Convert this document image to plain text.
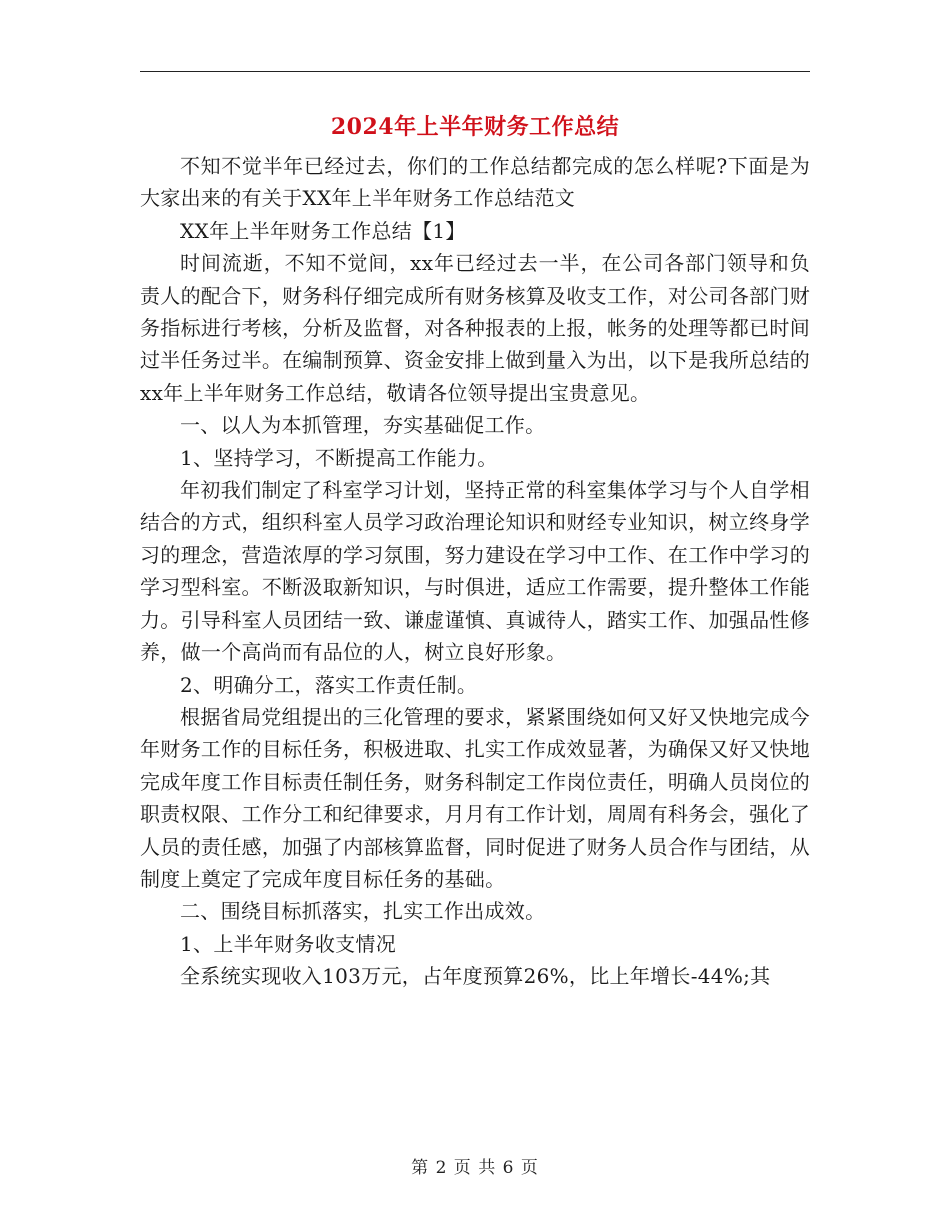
2024年上半年财务工作总结

不知不觉半年已经过去，你们的工作总结都完成的怎么样呢?下面是为大家出来的有关于XX年上半年财务工作总结范文

XX年上半年财务工作总结【1】

时间流逝，不知不觉间，xx年已经过去一半，在公司各部门领导和负责人的配合下，财务科仔细完成所有财务核算及收支工作，对公司各部门财务指标进行考核，分析及监督，对各种报表的上报，帐务的处理等都已时间过半任务过半。在编制预算、资金安排上做到量入为出，以下是我所总结的xx年上半年财务工作总结，敬请各位领导提出宝贵意见。

一、以人为本抓管理，夯实基础促工作。

1、坚持学习，不断提高工作能力。

年初我们制定了科室学习计划，坚持正常的科室集体学习与个人自学相结合的方式，组织科室人员学习政治理论知识和财经专业知识，树立终身学习的理念，营造浓厚的学习氛围，努力建设在学习中工作、在工作中学习的学习型科室。不断汲取新知识，与时俱进，适应工作需要，提升整体工作能力。引导科室人员团结一致、谦虚谨慎、真诚待人，踏实工作、加强品性修养，做一个高尚而有品位的人，树立良好形象。

2、明确分工，落实工作责任制。

根据省局党组提出的三化管理的要求，紧紧围绕如何又好又快地完成今年财务工作的目标任务，积极进取、扎实工作成效显著，为确保又好又快地完成年度工作目标责任制任务，财务科制定工作岗位责任，明确人员岗位的职责权限、工作分工和纪律要求，月月有工作计划，周周有科务会，强化了人员的责任感，加强了内部核算监督，同时促进了财务人员合作与团结，从制度上奠定了完成年度目标任务的基础。

二、围绕目标抓落实，扎实工作出成效。

1、上半年财务收支情况

全系统实现收入103万元，占年度预算26%，比上年增长-44%;其

第 2 页 共 6 页
